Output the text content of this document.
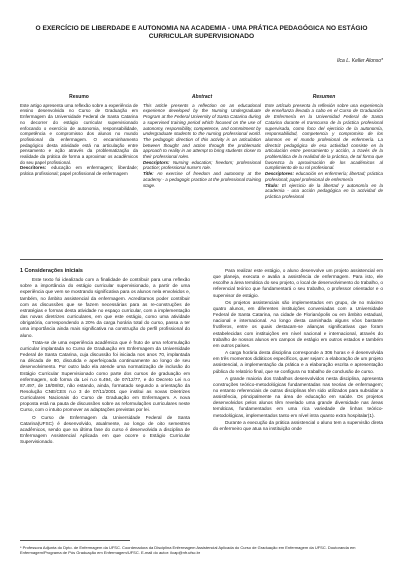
O EXERCÍCIO DE LIBERDADE E AUTONOMIA NA ACADEMIA - UMA PRÁTICA PEDAGÓGICA NO ESTÁGIO CURRICULAR SUPERVISIONADO
Ilca L. Keller Alonso*
Resumo

Este artigo apresenta uma reflexão sobre a experiência de ensino desenvolvida no Curso de Graduação em Enfermagem da Universidade Federal de Santa Catarina no decorrer do estágio curricular supervisionado enfocando o exercício de autonomia, responsabilidade, competência e compromisso dos alunos no mundo profissional da enfermagem. O encaminhamento pedagógico desta atividade está na articulação entre pensamento e ação através da problematização da realidade da prática de forma a aproximar os acadêmicos do seu papel profissional.

Descritores: educação em enfermagem; liberdade; prática profissional; papel profissional de enfermagem

Abstract

This article presents a reflection on an educational experience developed by the Nursing Undergraduate Program at the Federal University of Santa Catarina during a supervised training period which focused on the use of autonomy, responsibility, competence, and commitment by undergraduate students to the nursing professional world. The pedagogic direction of this activity is an articulation between thought and action through the problematic approach to reality in an attempt to bring students closer to their professional roles.

Descriptors: Nursing education; freedom; professional practice; professional nurse's role.

Title: An exercise of freedom and autonomy at the academy - a pedagogic practice at the professional training stage.

Resumen

Este artículo presenta la reflexión sobre una experiencia de enseñanza llevada a cabo en el Curso de Graduación de Enfermería en la Universidad Federal de Santa Catarina durante el transcurso de la práctica profesional supervisada, como foco del ejercicio de la autonomía, responsabilidad, competencia y compromiso de los alumnos en el mundo profesional de enfermería. La directriz pedagógica de esa actividad consiste en la articulación entre pensamiento y acción, a través de la problemática de la realidad de la práctica, de tal forma que favorezca la aproximación de los académicos al cumplimiento de su rol profesional.

Descriptores: educación en enfermería; libertad; práctica profesional; papel profesional de enfermería

Título: El ejercicio de la libertad y autonomía en la academia - una acción pedagógica en la actividad de práctica profesional

1 Considerações iniciais

Este texto foi idealizado com a finalidade de contribuir para uma reflexão sobre a importância do estágio curricular supervisionado, a partir de uma experiência que vem se mostrando significativa para os alunos nela envolvidos e, também, no âmbito assistencial da enfermagem. Acreditamos poder contribuir com as discussões que se fazem necessárias para as re-construções de estratégias e formas desta atividade no espaço curricular, com a implementação das novas diretrizes curriculares, em que este estágio, como uma atividade obrigatória, correspondendo a 20% da carga horária total do curso, passa a ter uma importância ainda mais significativa na construção do perfil profissional do aluno.

Trata-se de uma experiência acadêmica que é fruto de uma reformulação curricular implantada no Curso de Graduação em Enfermagem da Universidade Federal de Santa Catarina, cuja discussão foi iniciada nos anos 70, implantada na década de 80, discutida e aperfeiçoada continuamente ao longo de seu desenvolvimento. Por outro lado ela atende uma normatização de inclusão do Estágio Curricular Supervisionado como parte dos cursos de graduação em enfermagem, sob forma da Lei n.o 6.494, de 07/12/77, e do Decreto Lei n.o 87.497, de 18/08/82, não estando, ainda, formatado segundo a orientação da Resolução CNE/CES n.o 3 de 07/11/2001 que institui as novas Diretrizes Curriculares Nacionais do Curso de Graduação em Enfermagem. A nova proposta está na pauta de discussões sobre as reformulações curriculares neste Curso, com o intuito promover as adaptações previstas por lei.

O Curso de Enfermagem da Universidade Federal de Santa Catarina(UFSC) é desenvolvido, atualmente, ao longo de oito semestres acadêmicos, sendo que na última fase do curso é desenvolvida a disciplina de Enfermagem Assistencial Aplicada em que ocorre o Estágio Curricular Supervisionado.

Para realizar este estágio, o aluno desenvolve um projeto assistencial em que planeja, executa e avalia a assistência de enfermagem. Para isto, ele escolhe a área temática do seu projeto, o local de desenvolvimento do trabalho, o referencial teórico que fundamentará o seu trabalho, o professor orientador e o supervisor de estágio.

Os projetos assistenciais são implementados em grupo, de no máximo quatro alunos, em diferentes instituições conveniadas com a Universidade Federal de Santa Catarina, na cidade de Florianópolis ou em âmbito estadual, nacional e internacional. Ao longo desta caminhada alguns vôos bastante frutíferos, entre os quais destacam-se alianças significativas que foram estabelecidas com instituições em nível nacional e internacional, através do trabalho de nossos alunos em campos de estágio em outros estados e também em outros países.

A carga horária desta disciplina corresponde a 306 horas e é desenvolvida em três momentos didáticos específicos, quer sejam: a elaboração de um projeto assistencial, a implementação da prática e a elaboração escrita e apresentação pública do relatório final, que se configura no trabalho de conclusão de curso.

A grande maioria dos trabalhos desenvolvidos nesta disciplina, apresenta construções teórico-metodológicas fundamentadas nas teorias de enfermagem; no entanto referenciais de outras disciplinas têm sido utilizados para subsidiar a assistência, principalmente na área de educação em saúde. Os projetos desenvolvidos pelos alunos têm revelado uma grande diversidade nas áreas temáticas, fundamentados em uma rica variedade de linhas teórico-metodológicas, implementados tanto em nível intra quanto extra hospitalar(1).

Durante a execução da prática assistencial o aluno tem a supervisão direta do enfermeiro que atua na instituição onde

* Professora Adjunta do Dpto. de Enfermagem da UFSC. Coordenadora da Disciplina Enfermagem Assistencial Aplicada do Curso de Graduação em Enfermagem da UFSC. Doutoranda em Enfermagem/Programa de Pós Graduação em Enfermagem/UFSC. E-mail do autor: ilcap@nfr.ufsc.br
